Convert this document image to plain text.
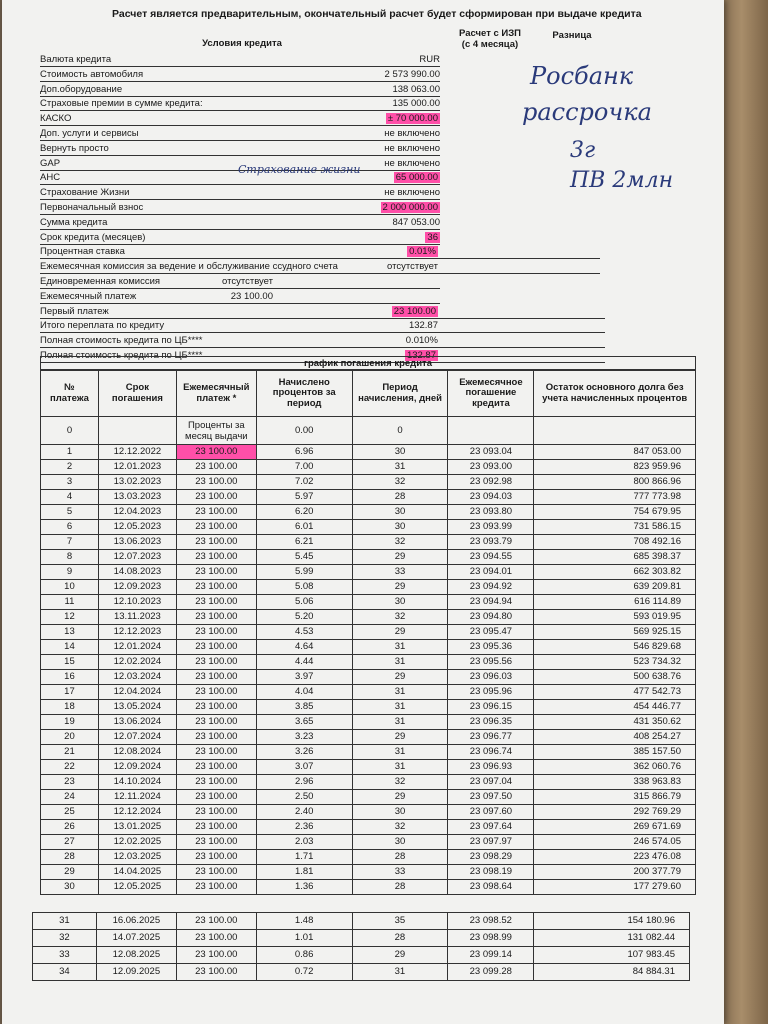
Расчет является предварительным, окончательный расчет будет сформирован при выдаче кредита
Условия кредита
Расчет с ИЗП
(с 4 месяца)
Разница
Валюта кредита	RUR
Стоимость автомобиля	2 573 990.00
Доп.оборудование	138 063.00
Страховые премии в сумме кредита:	135 000.00
КАСКО	± 70 000.00
Доп. услуги и сервисы	не включено
Вернуть просто	не включено
GAP	не включено
АНС	65 000.00
Страхование Жизни	не включено
Первоначальный взнос	2 000 000.00
Сумма кредита	847 053.00
Срок кредита (месяцев)	36
Процентная ставка	0.01%
Ежемесячная комиссия за ведение и обслуживание ссудного счета	отсутствует
Единовременная комиссия	отсутствует
Ежемесячный платеж	23 100.00
Первый платеж	23 100.00
Итого переплата по кредиту	132.87
Полная стоимость кредита по ЦБ****	0.010%
Полная стоимость кредита по ЦБ****	132.87
Росбанк
рассрочка
3г
ПВ 2млн
Страхование жизни
график погашения кредита
№ платежа	Срок погашения	Ежемесячный платеж *	Начислено процентов за период	Период начисления, дней	Ежемесячное погашение кредита	Остаток основного долга без учета начисленных процентов
0		Проценты за месяц выдачи	0.00	0		
1	12.12.2022	23 100.00	6.96	30	23 093.04	847 053.00
2	12.01.2023	23 100.00	7.00	31	23 093.00	823 959.96
3	13.02.2023	23 100.00	7.02	32	23 092.98	800 866.96
4	13.03.2023	23 100.00	5.97	28	23 094.03	777 773.98
5	12.04.2023	23 100.00	6.20	30	23 093.80	754 679.95
6	12.05.2023	23 100.00	6.01	30	23 093.99	731 586.15
7	13.06.2023	23 100.00	6.21	32	23 093.79	708 492.16
8	12.07.2023	23 100.00	5.45	29	23 094.55	685 398.37
9	14.08.2023	23 100.00	5.99	33	23 094.01	662 303.82
10	12.09.2023	23 100.00	5.08	29	23 094.92	639 209.81
11	12.10.2023	23 100.00	5.06	30	23 094.94	616 114.89
12	13.11.2023	23 100.00	5.20	32	23 094.80	593 019.95
13	12.12.2023	23 100.00	4.53	29	23 095.47	569 925.15
14	12.01.2024	23 100.00	4.64	31	23 095.36	546 829.68
15	12.02.2024	23 100.00	4.44	31	23 095.56	523 734.32
16	12.03.2024	23 100.00	3.97	29	23 096.03	500 638.76
17	12.04.2024	23 100.00	4.04	31	23 095.96	477 542.73
18	13.05.2024	23 100.00	3.85	31	23 096.15	454 446.77
19	13.06.2024	23 100.00	3.65	31	23 096.35	431 350.62
20	12.07.2024	23 100.00	3.23	29	23 096.77	408 254.27
21	12.08.2024	23 100.00	3.26	31	23 096.74	385 157.50
22	12.09.2024	23 100.00	3.07	31	23 096.93	362 060.76
23	14.10.2024	23 100.00	2.96	32	23 097.04	338 963.83
24	12.11.2024	23 100.00	2.50	29	23 097.50	315 866.79
25	12.12.2024	23 100.00	2.40	30	23 097.60	292 769.29
26	13.01.2025	23 100.00	2.36	32	23 097.64	269 671.69
27	12.02.2025	23 100.00	2.03	30	23 097.97	246 574.05
28	12.03.2025	23 100.00	1.71	28	23 098.29	223 476.08
29	14.04.2025	23 100.00	1.81	33	23 098.19	200 377.79
30	12.05.2025	23 100.00	1.36	28	23 098.64	177 279.60
31	16.06.2025	23 100.00	1.48	35	23 098.52	154 180.96
32	14.07.2025	23 100.00	1.01	28	23 098.99	131 082.44
33	12.08.2025	23 100.00	0.86	29	23 099.14	107 983.45
34	12.09.2025	23 100.00	0.72	31	23 099.28	84 884.31
